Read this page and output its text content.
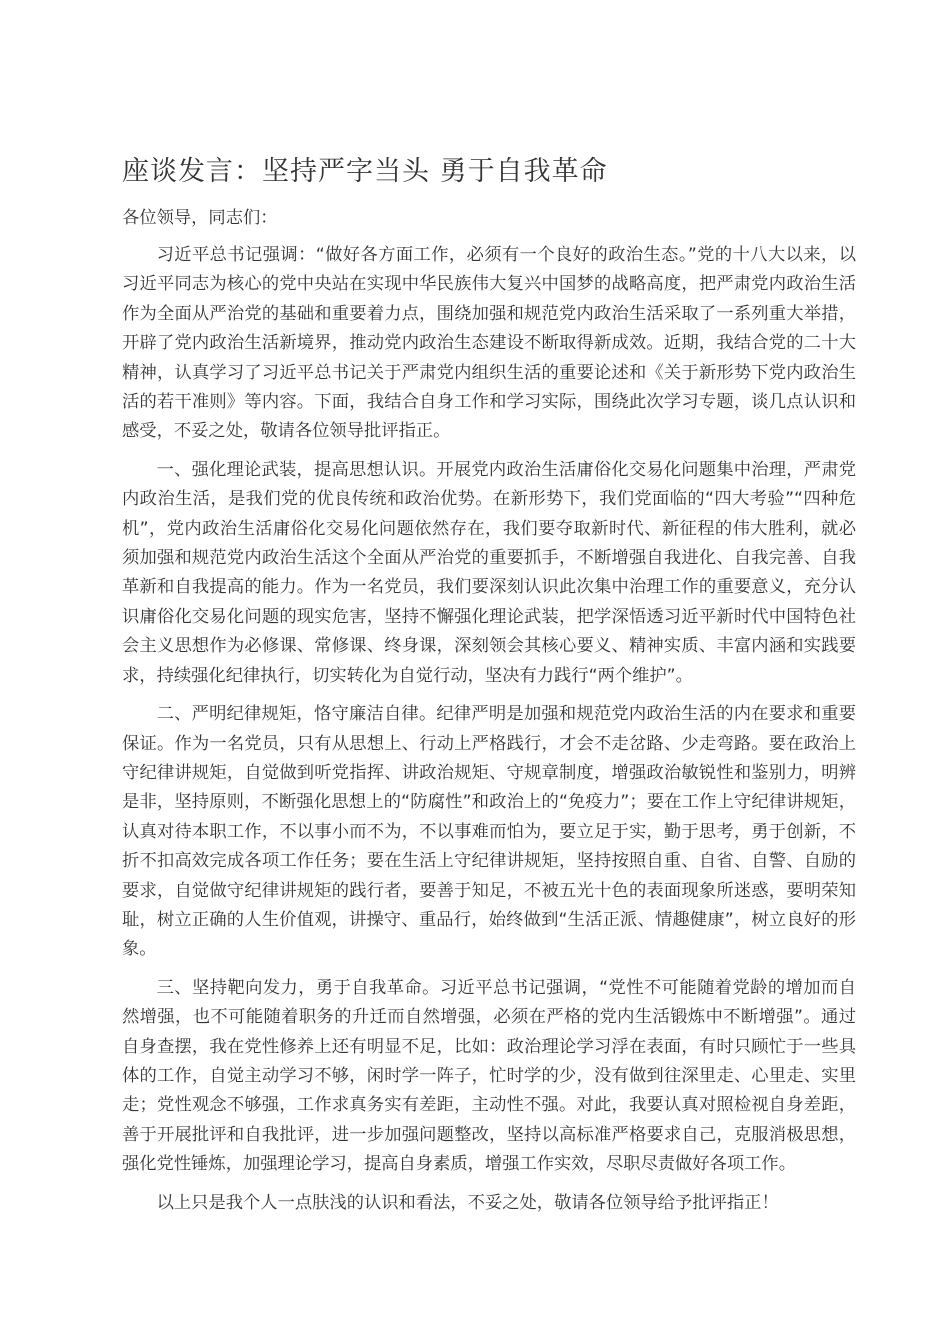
座谈发言：坚持严字当头 勇于自我革命

各位领导，同志们：

习近平总书记强调：“做好各方面工作，必须有一个良好的政治生态。”党的十八大以来，以习近平同志为核心的党中央站在实现中华民族伟大复兴中国梦的战略高度，把严肃党内政治生活作为全面从严治党的基础和重要着力点，围绕加强和规范党内政治生活采取了一系列重大举措，开辟了党内政治生活新境界，推动党内政治生态建设不断取得新成效。近期，我结合党的二十大精神，认真学习了习近平总书记关于严肃党内组织生活的重要论述和《关于新形势下党内政治生活的若干准则》等内容。下面，我结合自身工作和学习实际，围绕此次学习专题，谈几点认识和感受，不妥之处，敬请各位领导批评指正。

一、强化理论武装，提高思想认识。开展党内政治生活庸俗化交易化问题集中治理，严肃党内政治生活，是我们党的优良传统和政治优势。在新形势下，我们党面临的“四大考验”“四种危机”，党内政治生活庸俗化交易化问题依然存在，我们要夺取新时代、新征程的伟大胜利，就必须加强和规范党内政治生活这个全面从严治党的重要抓手，不断增强自我进化、自我完善、自我革新和自我提高的能力。作为一名党员，我们要深刻认识此次集中治理工作的重要意义，充分认识庸俗化交易化问题的现实危害，坚持不懈强化理论武装，把学深悟透习近平新时代中国特色社会主义思想作为必修课、常修课、终身课，深刻领会其核心要义、精神实质、丰富内涵和实践要求，持续强化纪律执行，切实转化为自觉行动，坚决有力践行“两个维护”。

二、严明纪律规矩，恪守廉洁自律。纪律严明是加强和规范党内政治生活的内在要求和重要保证。作为一名党员，只有从思想上、行动上严格践行，才会不走岔路、少走弯路。要在政治上守纪律讲规矩，自觉做到听党指挥、讲政治规矩、守规章制度，增强政治敏锐性和鉴别力，明辨是非，坚持原则，不断强化思想上的“防腐性”和政治上的“免疫力”；要在工作上守纪律讲规矩，认真对待本职工作，不以事小而不为，不以事难而怕为，要立足于实，勤于思考，勇于创新，不折不扣高效完成各项工作任务；要在生活上守纪律讲规矩，坚持按照自重、自省、自警、自励的要求，自觉做守纪律讲规矩的践行者，要善于知足，不被五光十色的表面现象所迷惑，要明荣知耻，树立正确的人生价值观，讲操守、重品行，始终做到“生活正派、情趣健康”，树立良好的形象。

三、坚持靶向发力，勇于自我革命。习近平总书记强调，“党性不可能随着党龄的增加而自然增强，也不可能随着职务的升迁而自然增强，必须在严格的党内生活锻炼中不断增强”。通过自身查摆，我在党性修养上还有明显不足，比如：政治理论学习浮在表面，有时只顾忙于一些具体的工作，自觉主动学习不够，闲时学一阵子，忙时学的少，没有做到往深里走、心里走、实里走；党性观念不够强，工作求真务实有差距，主动性不强。对此，我要认真对照检视自身差距，善于开展批评和自我批评，进一步加强问题整改，坚持以高标准严格要求自己，克服消极思想，强化党性锤炼，加强理论学习，提高自身素质，增强工作实效，尽职尽责做好各项工作。

以上只是我个人一点肤浅的认识和看法，不妥之处，敬请各位领导给予批评指正！
